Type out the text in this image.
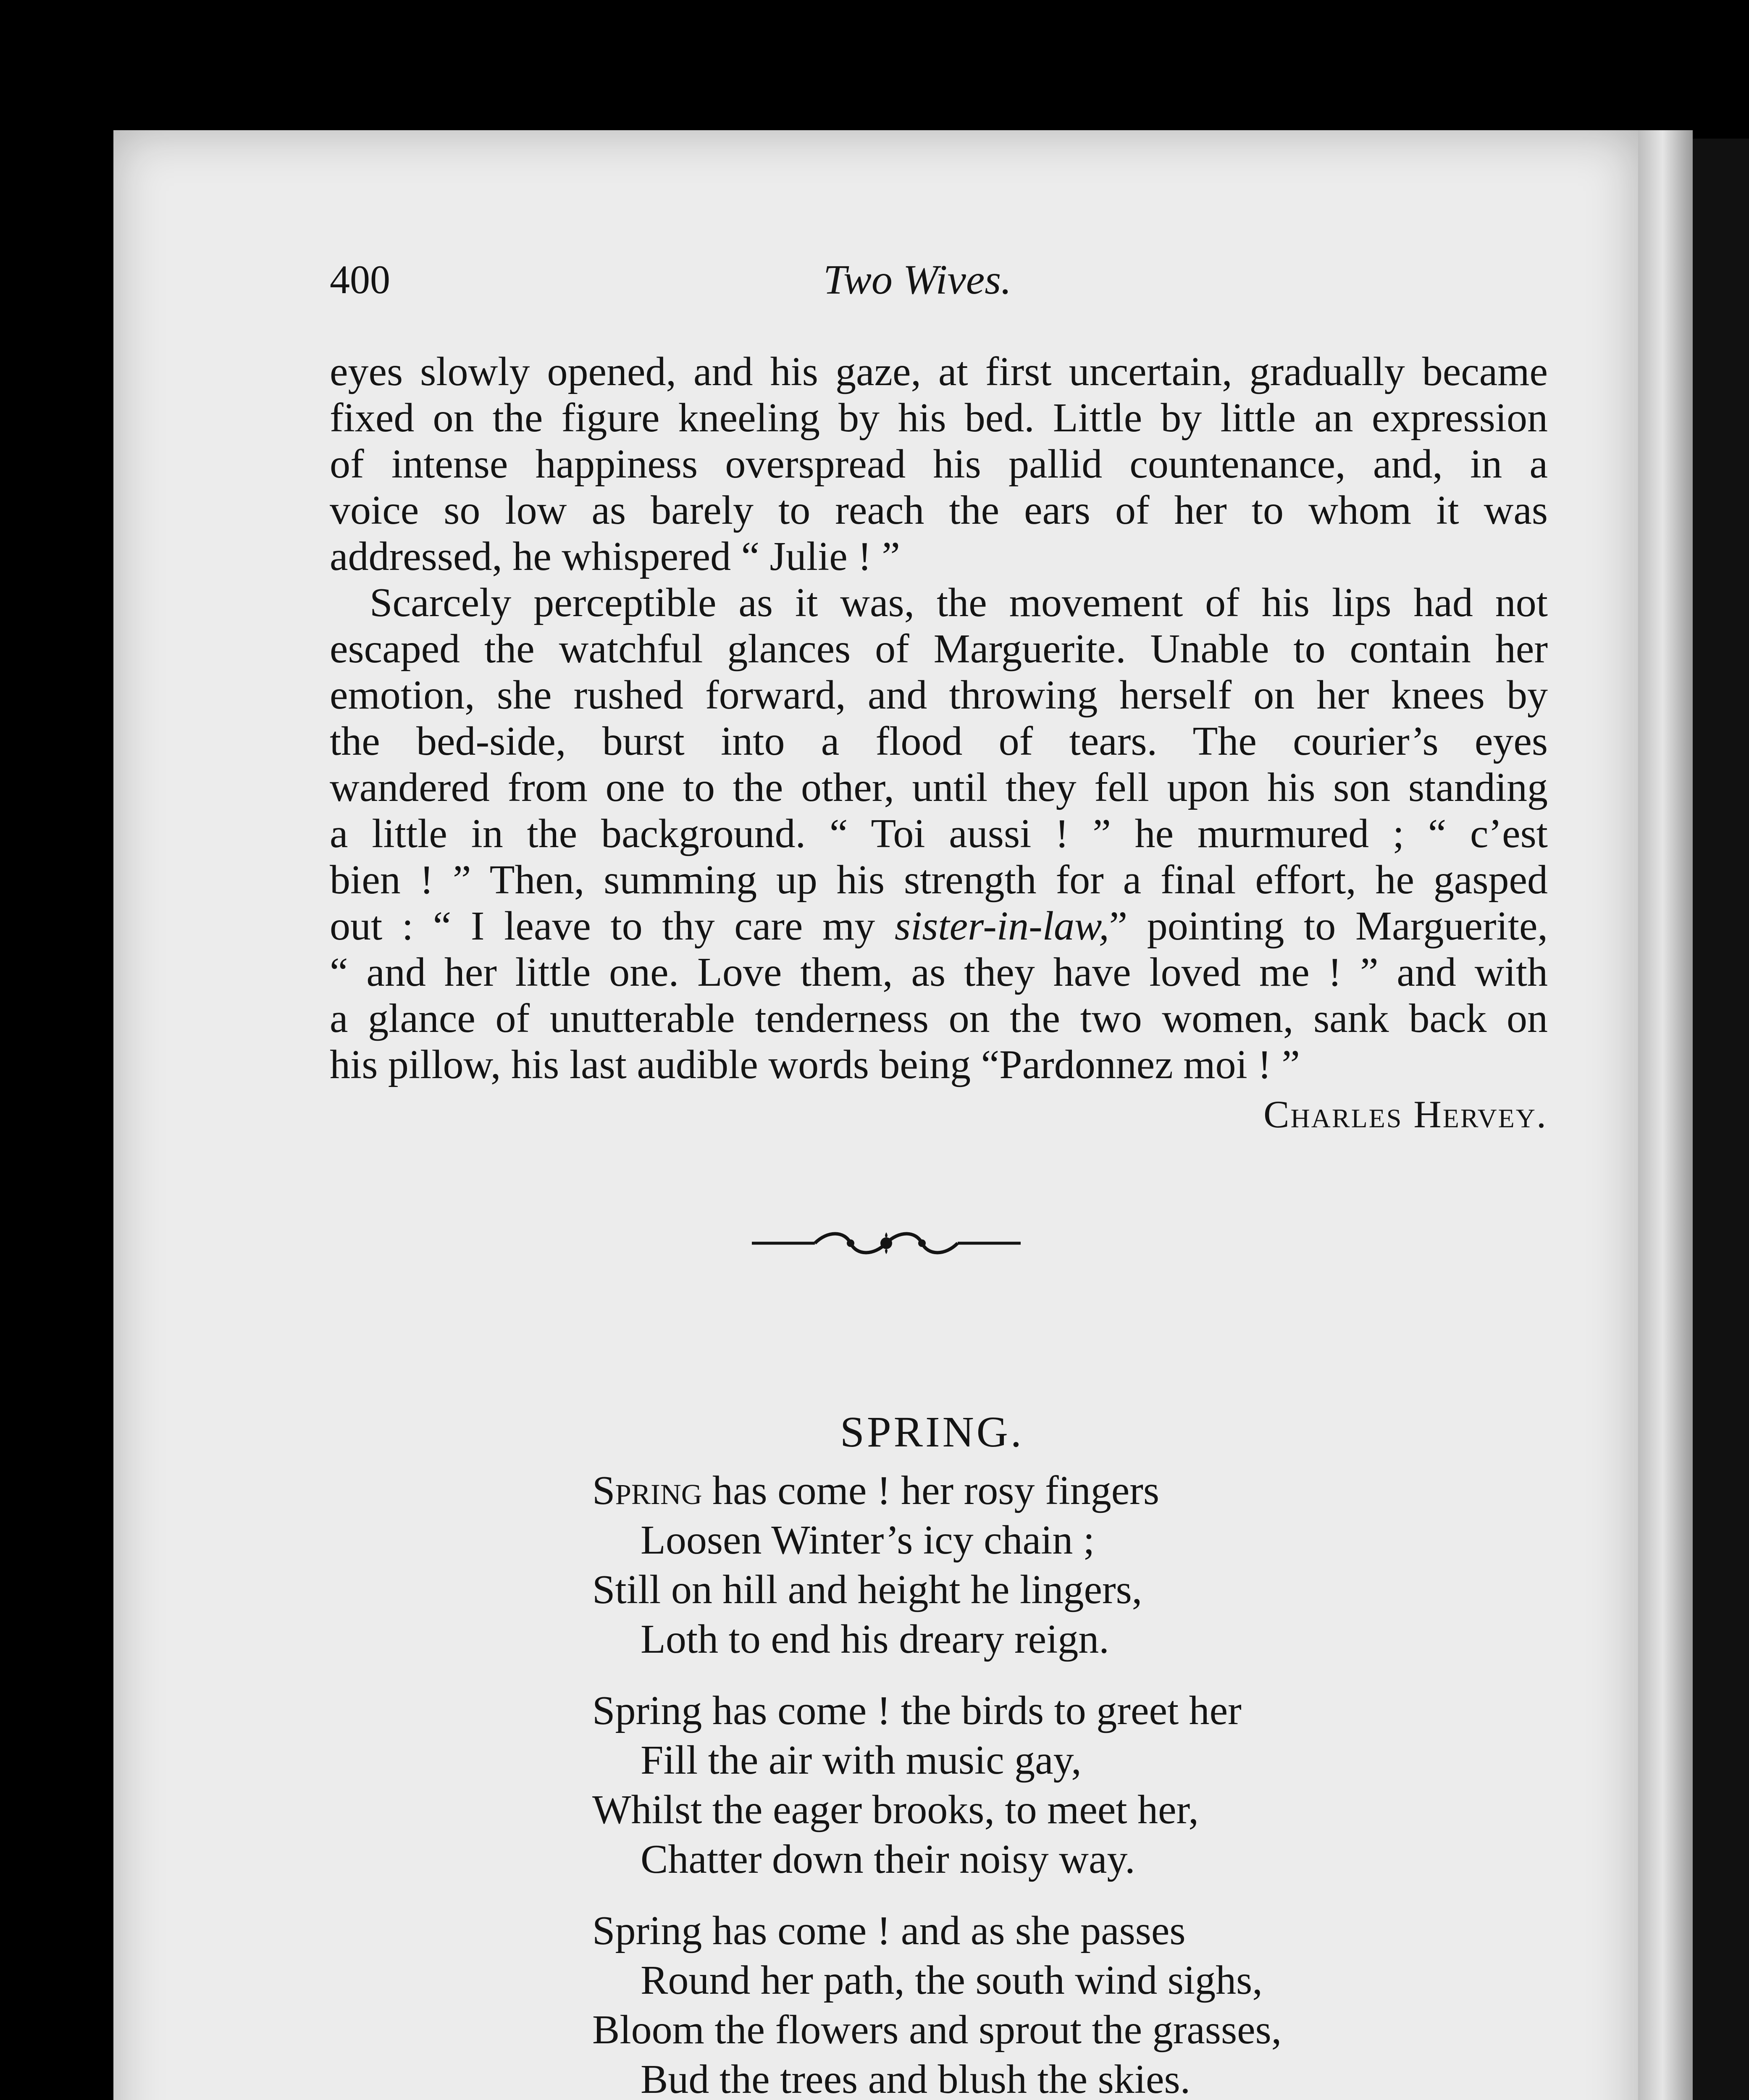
400	Two Wives.
eyes slowly opened, and his gaze, at first uncertain, gradually became
fixed on the figure kneeling by his bed. Little by little an expression
of intense happiness overspread his pallid countenance, and, in a
voice so low as barely to reach the ears of her to whom it was
addressed, he whispered “ Julie ! ”
Scarcely perceptible as it was, the movement of his lips had not
escaped the watchful glances of Marguerite. Unable to contain her
emotion, she rushed forward, and throwing herself on her knees by
the bed-side, burst into a flood of tears. The courier’s eyes
wandered from one to the other, until they fell upon his son standing
a little in the background. “ Toi aussi ! ” he murmured ; “ c’est
bien ! ” Then, summing up his strength for a final effort, he gasped
out : “ I leave to thy care my sister-in-law,” pointing to Marguerite,
“ and her little one. Love them, as they have loved me ! ” and with
a glance of unutterable tenderness on the two women, sank back on
his pillow, his last audible words being “Pardonnez moi ! ”
Charles Hervey.
SPRING.
Spring has come ! her rosy fingers
Loosen Winter’s icy chain ;
Still on hill and height he lingers,
Loth to end his dreary reign.
Spring has come ! the birds to greet her
Fill the air with music gay,
Whilst the eager brooks, to meet her,
Chatter down their noisy way.
Spring has come ! and as she passes
Round her path, the south wind sighs,
Bloom the flowers and sprout the grasses,
Bud the trees and blush the skies.
